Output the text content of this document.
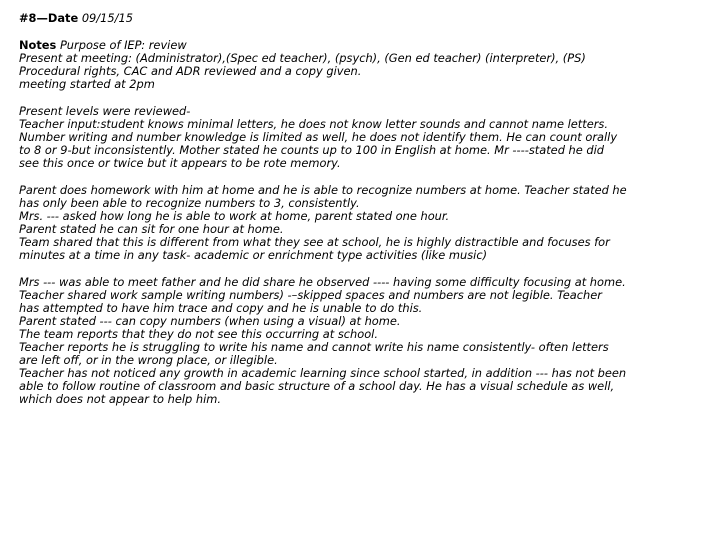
#8—Date 09/15/15
Notes Purpose of IEP: review
Present at meeting: (Administrator),(Spec ed teacher), (psych), (Gen ed teacher) (interpreter), (PS)
Procedural rights, CAC and ADR reviewed and a copy given.
meeting started at 2pm
Present levels were reviewed-
Teacher input:student knows minimal letters, he does not know letter sounds and cannot name letters.
Number writing and number knowledge is limited as well, he does not identify them. He can count orally
to 8 or 9-but inconsistently. Mother stated he counts up to 100 in English at home. Mr ----stated he did
see this once or twice but it appears to be rote memory.
Parent does homework with him at home and he is able to recognize numbers at home. Teacher stated he
has only been able to recognize numbers to 3, consistently.
Mrs. --- asked how long he is able to work at home, parent stated one hour.
Parent stated he can sit for one hour at home.
Team shared that this is different from what they see at school, he is highly distractible and focuses for
minutes at a time in any task- academic or enrichment type activities (like music)
Mrs --- was able to meet father and he did share he observed ---- having some difficulty focusing at home.
Teacher shared work sample writing numbers) -–skipped spaces and numbers are not legible. Teacher
has attempted to have him trace and copy and he is unable to do this.
Parent stated --- can copy numbers (when using a visual) at home.
The team reports that they do not see this occurring at school.
Teacher reports he is struggling to write his name and cannot write his name consistently- often letters
are left off, or in the wrong place, or illegible.
Teacher has not noticed any growth in academic learning since school started, in addition --- has not been
able to follow routine of classroom and basic structure of a school day. He has a visual schedule as well,
which does not appear to help him.
